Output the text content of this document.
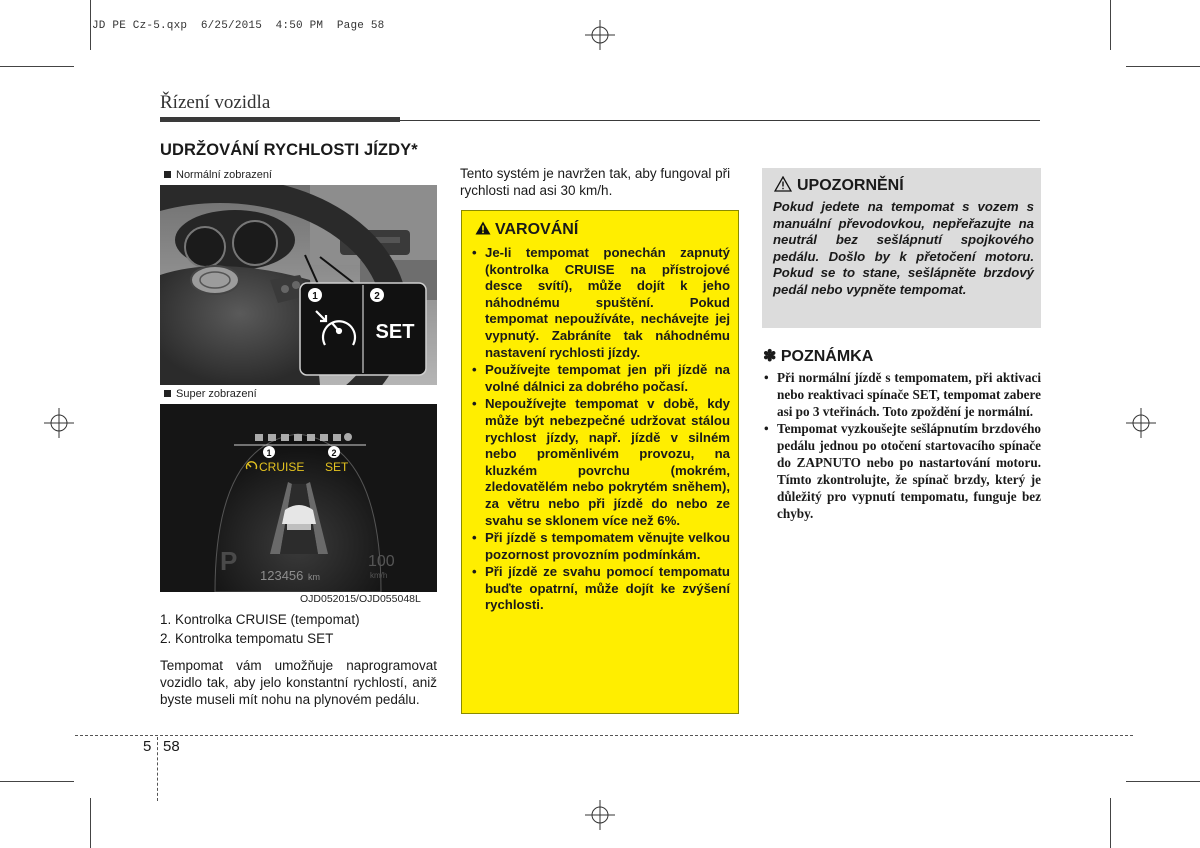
JD PE Cz-5.qxp  6/25/2015  4:50 PM  Page 58
Řízení vozidla
UDRŽOVÁNÍ RYCHLOSTI JÍZDY*
Normální zobrazení
1	2
SET
Super zobrazení
1	2
CRUISE SET
P 123456 km
100
km/h
OJD052015/OJD055048L
1. Kontrolka CRUISE (tempomat)
2. Kontrolka tempomatu SET
Tempomat vám umožňuje naprogramovat vozidlo tak, aby jelo konstantní rychlostí, aniž byste museli mít nohu na plynovém pedálu.
Tento systém je navržen tak, aby fungoval při rychlosti nad asi 30 km/h.
VAROVÁNÍ
• Je-li tempomat ponechán zapnutý (kontrolka CRUISE na přístrojové desce svítí), může dojít k jeho náhodnému spuštění. Pokud tempomat nepoužíváte, nechávejte jej vypnutý. Zabráníte tak náhodnému nastavení rychlosti jízdy.
• Používejte tempomat jen při jízdě na volné dálnici za dobrého počasí.
• Nepoužívejte tempomat v době, kdy může být nebezpečné udržovat stálou rychlost jízdy, např. jízdě v silném nebo proměnlivém provozu, na kluzkém povrchu (mokrém, zledovatělém nebo pokrytém sněhem), za větru nebo při jízdě do nebo ze svahu se sklonem více než 6%.
• Při jízdě s tempomatem věnujte velkou pozornost provozním podmínkám.
• Při jízdě ze svahu pomocí tempomatu buďte opatrní, může dojít ke zvýšení rychlosti.
UPOZORNĚNÍ
Pokud jedete na tempomat s vozem s manuální převodovkou, nepřeřazujte na neutrál bez sešlápnutí spojkového pedálu. Došlo by k přetočení motoru. Pokud se to stane, sešlápněte brzdový pedál nebo vypněte tempomat.
✽ POZNÁMKA
• Při normální jízdě s tempomatem, při aktivaci nebo reaktivaci spínače SET, tempomat zabere asi po 3 vteřinách. Toto zpoždění je normální.
• Tempomat vyzkoušejte sešlápnutím brzdového pedálu jednou po otočení startovacího spínače do ZAPNUTO nebo po nastartování motoru. Tímto zkontrolujte, že spínač brzdy, který je důležitý pro vypnutí tempomatu, funguje bez chyby.
5 58
